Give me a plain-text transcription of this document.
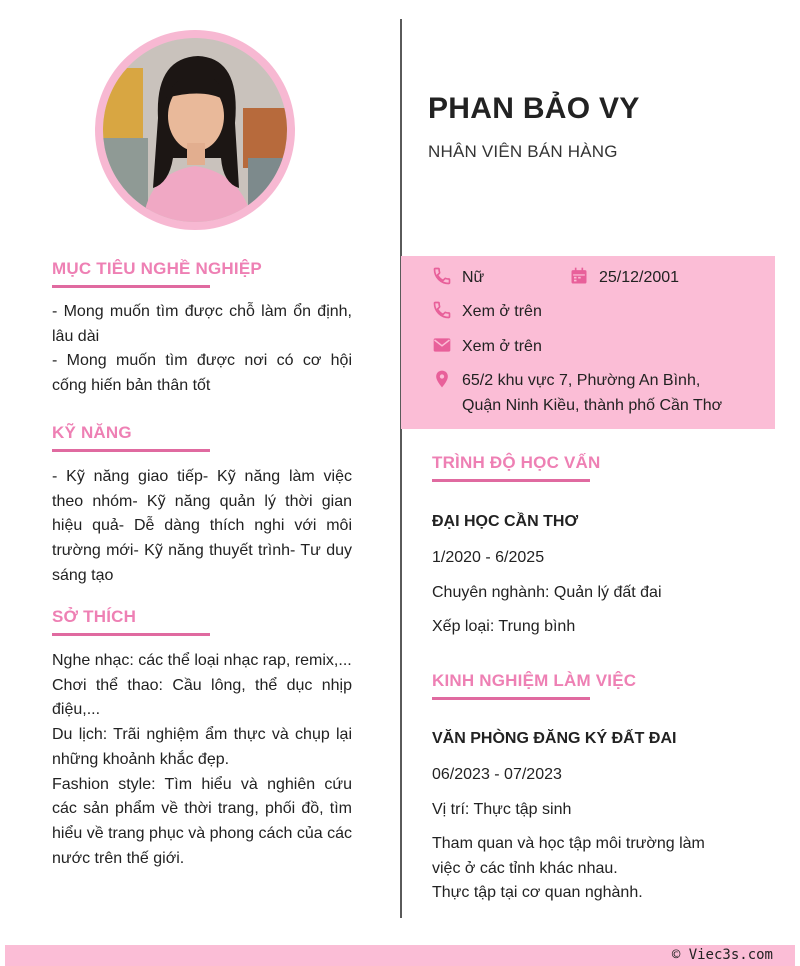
MỤC TIÊU NGHỀ NGHIỆP

- Mong muốn tìm được chỗ làm ổn định, lâu dài

- Mong muốn tìm được nơi có cơ hội cống hiến bản thân tốt

KỸ NĂNG

- Kỹ năng giao tiếp- Kỹ năng làm việc theo nhóm- Kỹ năng quản lý thời gian hiệu quả- Dễ dàng thích nghi với môi trường mới- Kỹ năng thuyết trình- Tư duy sáng tạo

SỞ THÍCH

Nghe nhạc: các thể loại nhạc rap, remix,...

Chơi thể thao: Cầu lông, thể dục nhịp điệu,...

Du lịch: Trãi nghiệm ẩm thực và chụp lại những khoảnh khắc đẹp.

Fashion style: Tìm hiểu và nghiên cứu các sản phẩm về thời trang, phối đồ, tìm hiểu về trang phục và phong cách của các nước trên thế giới.

PHAN BẢO VY
NHÂN VIÊN BÁN HÀNG
Nữ	25/12/2001
Xem ở trên
Xem ở trên
65/2 khu vực 7, Phường An Bình,
Quận Ninh Kiều, thành phố Cần Thơ
TRÌNH ĐỘ HỌC VẤN
ĐẠI HỌC CẦN THƠ
1/2020 - 6/2025
Chuyên nghành: Quản lý đất đai
Xếp loại: Trung bình
KINH NGHIỆM LÀM VIỆC
VĂN PHÒNG ĐĂNG KÝ ĐẤT ĐAI
06/2023 - 07/2023
Vị trí: Thực tập sinh
Tham quan và học tập môi trường làm
việc ở các tỉnh khác nhau.
Thực tập tại cơ quan nghành.
© Viec3s.com
